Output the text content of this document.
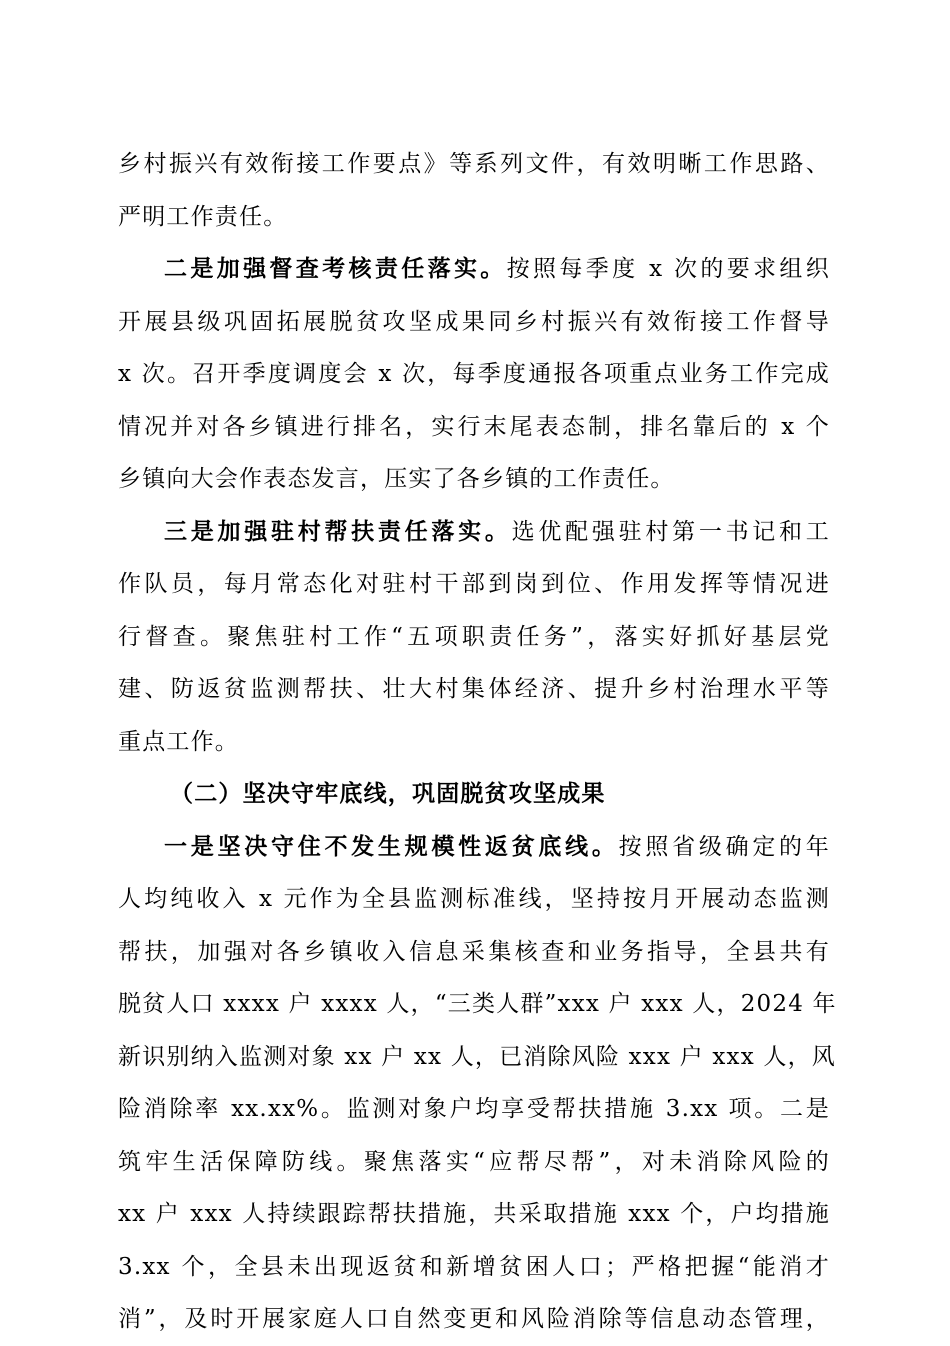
乡村振兴有效衔接工作要点》等系列文件，有效明晰工作思路、
严明工作责任。
二是加强督查考核责任落实。按照每季度 x 次的要求组织
开展县级巩固拓展脱贫攻坚成果同乡村振兴有效衔接工作督导
x 次。召开季度调度会 x 次，每季度通报各项重点业务工作完成
情况并对各乡镇进行排名，实行末尾表态制，排名靠后的 x 个
乡镇向大会作表态发言，压实了各乡镇的工作责任。
三是加强驻村帮扶责任落实。选优配强驻村第一书记和工
作队员，每月常态化对驻村干部到岗到位、作用发挥等情况进
行督查。聚焦驻村工作“五项职责任务”，落实好抓好基层党
建、防返贫监测帮扶、壮大村集体经济、提升乡村治理水平等
重点工作。
（二）坚决守牢底线，巩固脱贫攻坚成果
一是坚决守住不发生规模性返贫底线。按照省级确定的年
人均纯收入 x 元作为全县监测标准线，坚持按月开展动态监测
帮扶，加强对各乡镇收入信息采集核查和业务指导，全县共有
脱贫人口 xxxx 户 xxxx 人，“三类人群”xxx 户 xxx 人，2024 年
新识别纳入监测对象 xx 户 xx 人，已消除风险 xxx 户 xxx 人，风
险消除率 xx.xx%。监测对象户均享受帮扶措施 3.xx 项。二是
筑牢生活保障防线。聚焦落实“应帮尽帮”，对未消除风险的
xx 户 xxx 人持续跟踪帮扶措施，共采取措施 xxx 个，户均措施
3.xx 个，全县未出现返贫和新增贫困人口；严格把握“能消才
消”，及时开展家庭人口自然变更和风险消除等信息动态管理，
